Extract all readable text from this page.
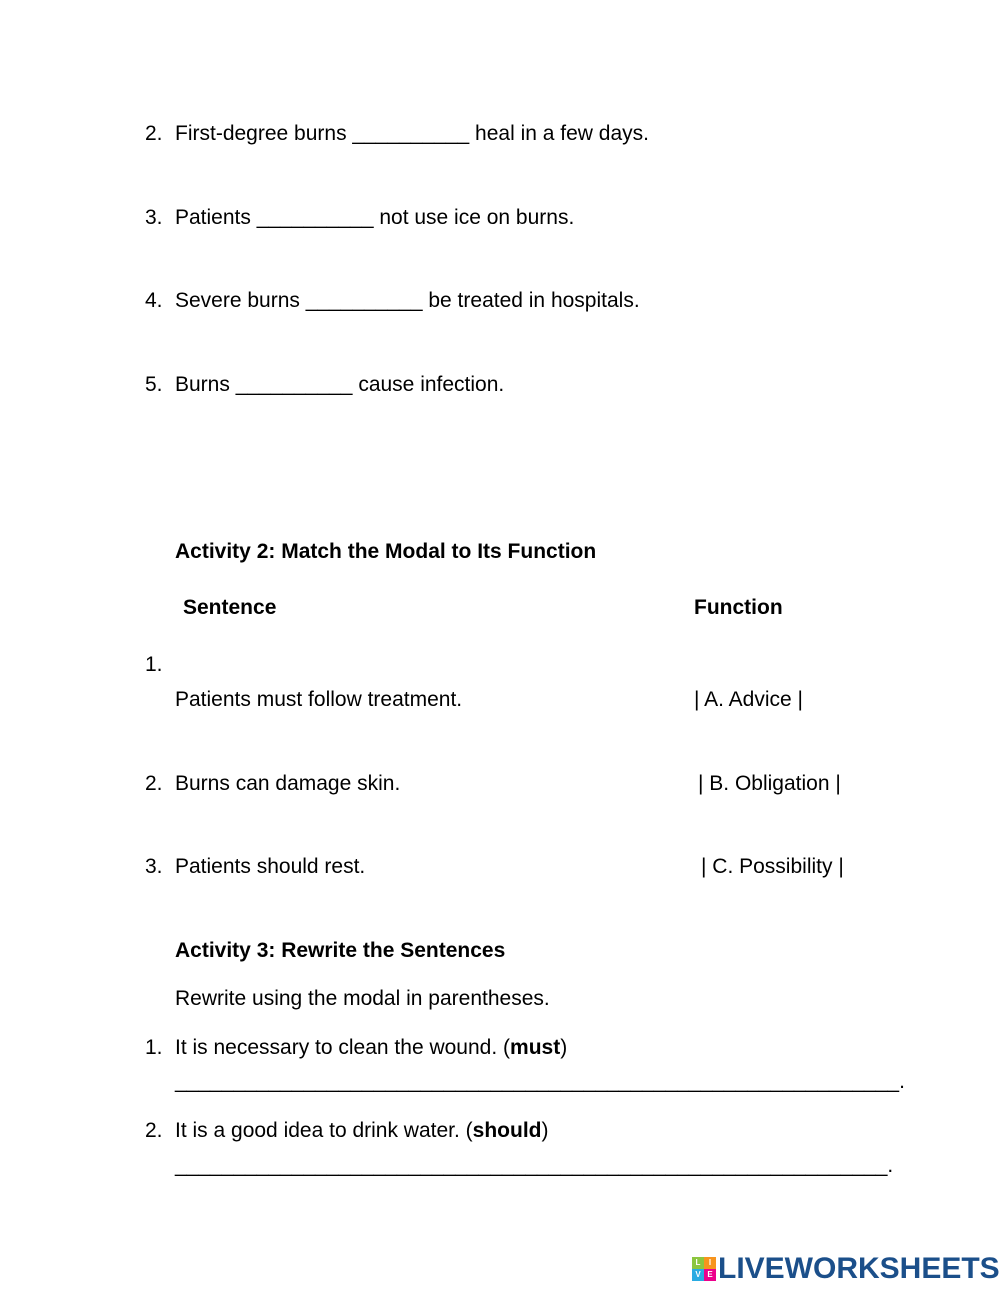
2. First-degree burns __________ heal in a few days.
3. Patients __________ not use ice on burns.
4. Severe burns __________ be treated in hospitals.
5. Burns __________ cause infection.
Activity 2: Match the Modal to Its Function
Sentence	Function
1.
Patients must follow treatment.	| A. Advice |
2. Burns can damage skin.	| B. Obligation |
3. Patients should rest.	| C. Possibility |
Activity 3: Rewrite the Sentences
Rewrite using the modal in parentheses.
1. It is necessary to clean the wound. (must)
______________________________________________________________.
2. It is a good idea to drink water. (should)
_____________________________________________________________.
L	I
V E LIVEWORKSHEETS
